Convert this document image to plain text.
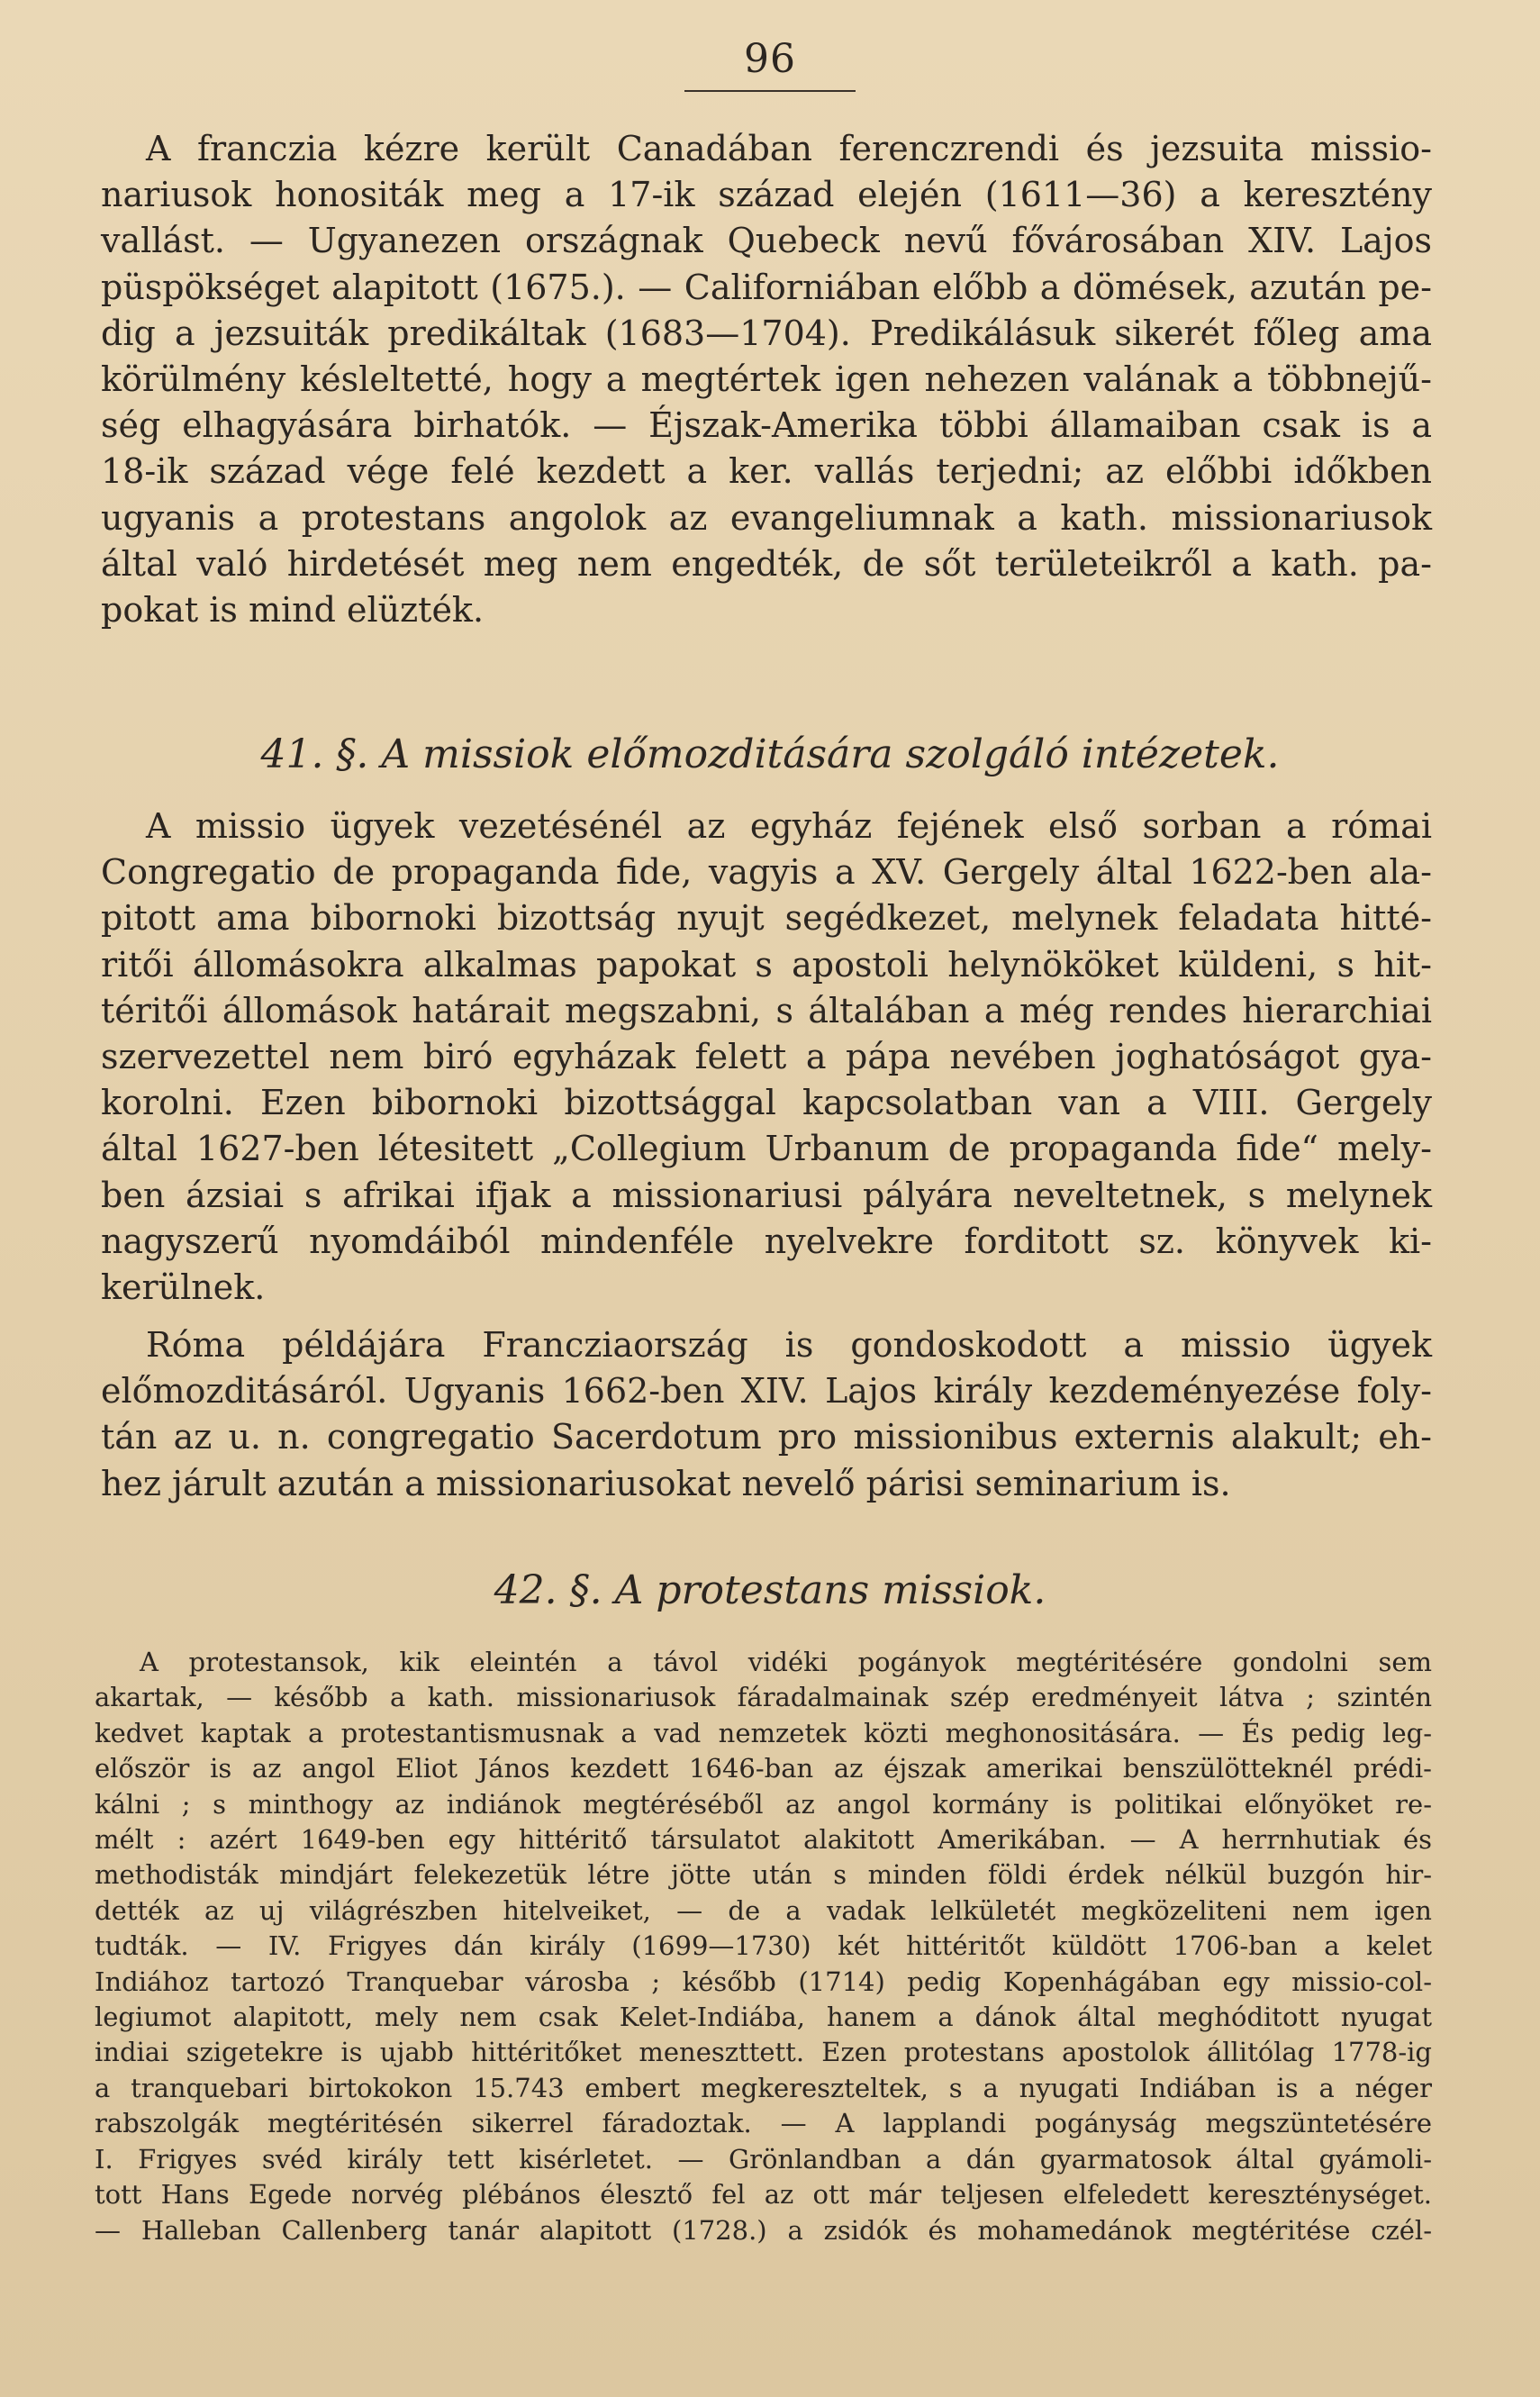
96

A franczia kézre került Canadában ferenczrendi és jezsuita missio-
nariusok honositák meg a 17-ik század elején (1611—36) a keresztény
vallást. — Ugyanezen országnak Quebeck nevű fővárosában XIV. Lajos
püspökséget alapitott (1675.). — Californiában előbb a dömések, azután pe-
dig a jezsuiták predikáltak (1683—1704). Predikálásuk sikerét főleg ama
körülmény késleltetté, hogy a megtértek igen nehezen valának a többnejű-
ség elhagyására birhatók. — Éjszak-Amerika többi államaiban csak is a
18-ik század vége felé kezdett a ker. vallás terjedni; az előbbi időkben
ugyanis a protestans angolok az evangeliumnak a kath. missionariusok
által való hirdetését meg nem engedték, de sőt területeikről a kath. pa-
pokat is mind elüzték.

41. §. A missiok előmozditására szolgáló intézetek.

A missio ügyek vezetésénél az egyház fejének első sorban a római
Congregatio de propaganda fide, vagyis a XV. Gergely által 1622-ben ala-
pitott ama bibornoki bizottság nyujt segédkezet, melynek feladata hitté-
ritői állomásokra alkalmas papokat s apostoli helynököket küldeni, s hit-
téritői állomások határait megszabni, s általában a még rendes hierarchiai
szervezettel nem biró egyházak felett a pápa nevében joghatóságot gya-
korolni. Ezen bibornoki bizottsággal kapcsolatban van a VIII. Gergely
által 1627-ben létesitett „Collegium Urbanum de propaganda fide“ mely-
ben ázsiai s afrikai ifjak a missionariusi pályára neveltetnek, s melynek
nagyszerű nyomdáiból mindenféle nyelvekre forditott sz. könyvek ki-
kerülnek.

Róma példájára Francziaország is gondoskodott a missio ügyek
előmozditásáról. Ugyanis 1662-ben XIV. Lajos király kezdeményezése foly-
tán az u. n. congregatio Sacerdotum pro missionibus externis alakult; eh-
hez járult azután a missionariusokat nevelő párisi seminarium is.

42. §. A protestans missiok.

A protestansok, kik eleintén a távol vidéki pogányok megtéritésére gondolni sem
akartak, — később a kath. missionariusok fáradalmainak szép eredményeit látva ; szintén
kedvet kaptak a protestantismusnak a vad nemzetek közti meghonositására. — És pedig leg-
először is az angol Eliot János kezdett 1646-ban az éjszak amerikai benszülötteknél prédi-
kálni ; s minthogy az indiánok megtéréséből az angol kormány is politikai előnyöket re-
mélt : azért 1649-ben egy hittéritő társulatot alakitott Amerikában. — A herrnhutiak és
methodisták mindjárt felekezetük létre jötte után s minden földi érdek nélkül buzgón hir-
dették az uj világrészben hitelveiket, — de a vadak lelkületét megközeliteni nem igen
tudták. — IV. Frigyes dán király (1699—1730) két hittéritőt küldött 1706-ban a kelet
Indiához tartozó Tranquebar városba ; később (1714) pedig Kopenhágában egy missio-col-
legiumot alapitott, mely nem csak Kelet-Indiába, hanem a dánok által meghóditott nyugat
indiai szigetekre is ujabb hittéritőket meneszttett. Ezen protestans apostolok állitólag 1778-ig
a tranquebari birtokokon 15.743 embert megkereszteltek, s a nyugati Indiában is a néger
rabszolgák megtéritésén sikerrel fáradoztak. — A lapplandi pogányság megszüntetésére
I. Frigyes svéd király tett kisérletet. — Grönlandban a dán gyarmatosok által gyámoli-
tott Hans Egede norvég plébános élesztő fel az ott már teljesen elfeledett kereszténységet.
— Halleban Callenberg tanár alapitott (1728.) a zsidók és mohamedánok megtéritése czél-
